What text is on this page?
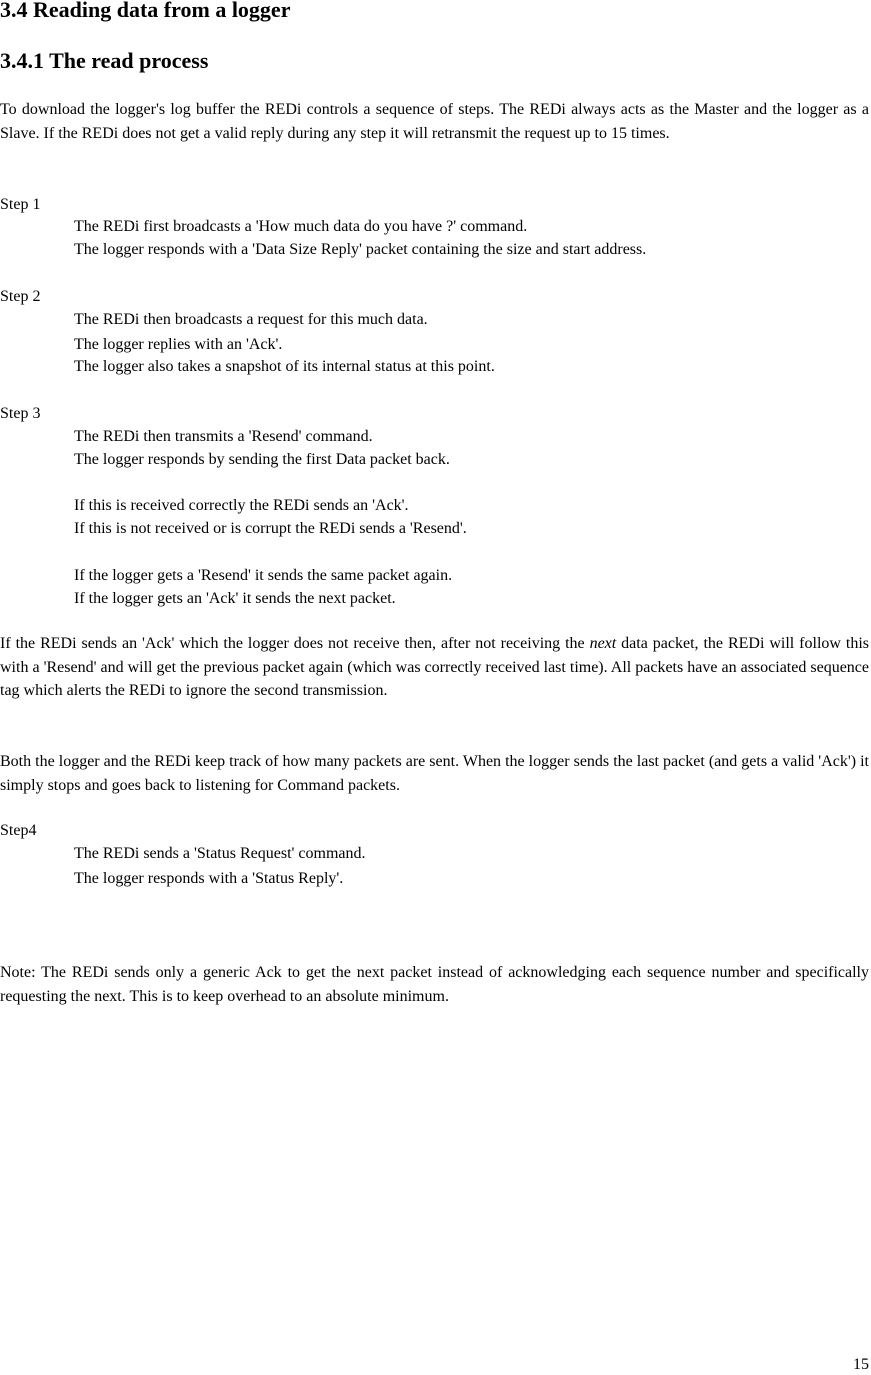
3.4 Reading data from a logger
3.4.1 The read process

To download the logger's log buffer the REDi controls a sequence of steps. The REDi always acts as the Master and the logger as a Slave. If the REDi does not get a valid reply during any step it will retransmit the request up to 15 times.

Step 1

The REDi first broadcasts a 'How much data do you have ?' command.

The logger responds with a 'Data Size Reply' packet containing the size and start address.

Step 2

The REDi then broadcasts a request for this much data.

The logger replies with an 'Ack'.

The logger also takes a snapshot of its internal status at this point.

Step 3

The REDi then transmits a 'Resend' command.

The logger responds by sending the first Data packet back.

If this is received correctly the REDi sends an 'Ack'.

If this is not received or is corrupt the REDi sends a 'Resend'.

If the logger gets a 'Resend' it sends the same packet again.

If the logger gets an 'Ack' it sends the next packet.

If the REDi sends an 'Ack' which the logger does not receive then, after not receiving the next data packet, the REDi will follow this with a 'Resend' and will get the previous packet again (which was correctly received last time). All packets have an associated sequence tag which alerts the REDi to ignore the second transmission.

Both the logger and the REDi keep track of how many packets are sent. When the logger sends the last packet (and gets a valid 'Ack') it simply stops and goes back to listening for Command packets.

Step4

The REDi sends a 'Status Request' command.

The logger responds with a 'Status Reply'.

Note: The REDi sends only a generic Ack to get the next packet instead of acknowledging each sequence number and specifically requesting the next. This is to keep overhead to an absolute minimum.

15
